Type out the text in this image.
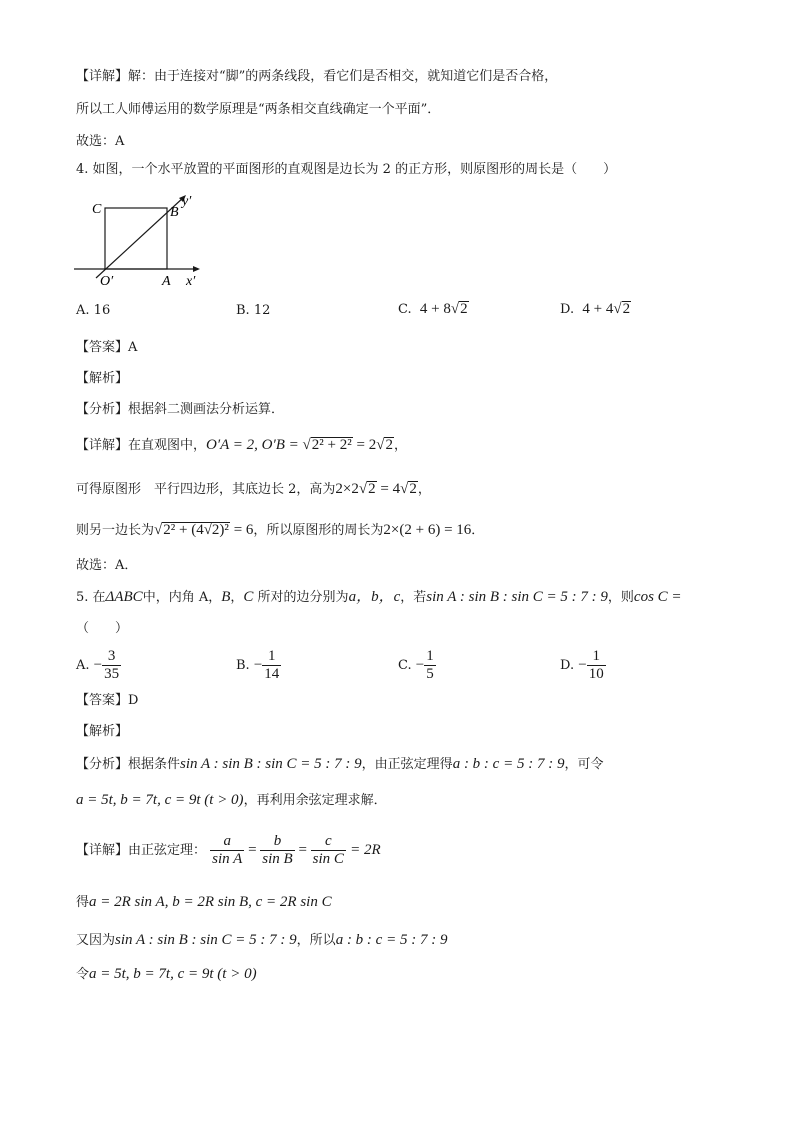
【详解】解：由于连接对“脚”的两条线段，看它们是否相交，就知道它们是否合格，
所以工人师傅运用的数学原理是“两条相交直线确定一个平面”．
故选：A
4. 如图，一个水平放置的平面图形的直观图是边长为 2 的正方形，则原图形的周长是（　　）
C	B
O′	A x′
y′
A. 16	B. 12	C. 4 + 8√2	D. 4 + 4√2
【答案】A
【解析】
【分析】根据斜二测画法分析运算．
【详解】在直观图中，O′A = 2, O′B = √2² + 2² = 2√2，
可得原图形　平行四边形，其底边长 2，高为2×2√2 = 4√2，
则另一边长为√2² + (4√2)² = 6，所以原图形的周长为2×(2 + 6) = 16．
故选：A．
5. 在ΔABC中，内角 A，B，C 所对的边分别为a，b，c，若sin A : sin B : sin C = 5 : 7 : 9，则cos C =
（　　）
A. − $\frac{3}{35}$	B. − $\frac{1}{14}$	C. − $\frac{1}{5}$	D. − $\frac{1}{10}$
【答案】D
【解析】
【分析】根据条件sin A : sin B : sin C = 5 : 7 : 9，由正弦定理得a : b : c = 5 : 7 : 9，可令
a = 5t, b = 7t, c = 9t (t > 0)，再利用余弦定理求解．
【详解】由正弦定理： $\frac{a}{\text{sin A}} = \frac{b}{\text{sin B}} = \frac{c}{\text{sin C}} = 2R$
得a = 2R sin A, b = 2R sin B, c = 2R sin C
又因为sin A : sin B : sin C = 5 : 7 : 9，所以a : b : c = 5 : 7 : 9
令a = 5t, b = 7t, c = 9t (t > 0)
